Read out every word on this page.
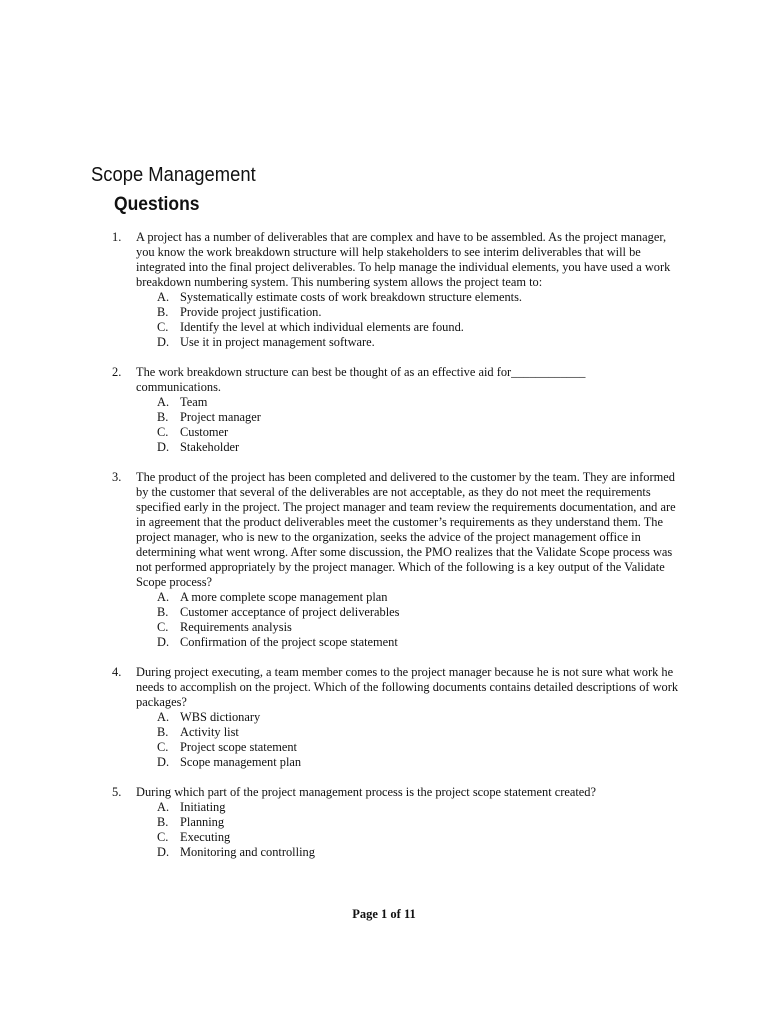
Scope Management
Questions
1. A project has a number of deliverables that are complex and have to be assembled. As the project manager, you know the work breakdown structure will help stakeholders to see interim deliverables that will be integrated into the final project deliverables. To help manage the individual elements, you have used a work breakdown numbering system. This numbering system allows the project team to:
A. Systematically estimate costs of work breakdown structure elements.
B. Provide project justification.
C. Identify the level at which individual elements are found.
D. Use it in project management software.
2. The work breakdown structure can best be thought of as an effective aid for____________ communications.
A. Team
B. Project manager
C. Customer
D. Stakeholder
3. The product of the project has been completed and delivered to the customer by the team. They are informed by the customer that several of the deliverables are not acceptable, as they do not meet the requirements specified early in the project. The project manager and team review the requirements documentation, and are in agreement that the product deliverables meet the customer’s requirements as they understand them. The project manager, who is new to the organization, seeks the advice of the project management office in determining what went wrong. After some discussion, the PMO realizes that the Validate Scope process was not performed appropriately by the project manager. Which of the following is a key output of the Validate Scope process?
A. A more complete scope management plan
B. Customer acceptance of project deliverables
C. Requirements analysis
D. Confirmation of the project scope statement
4. During project executing, a team member comes to the project manager because he is not sure what work he needs to accomplish on the project. Which of the following documents contains detailed descriptions of work packages?
A. WBS dictionary
B. Activity list
C. Project scope statement
D. Scope management plan
5. During which part of the project management process is the project scope statement created?
A. Initiating
B. Planning
C. Executing
D. Monitoring and controlling
Page 1 of 11
